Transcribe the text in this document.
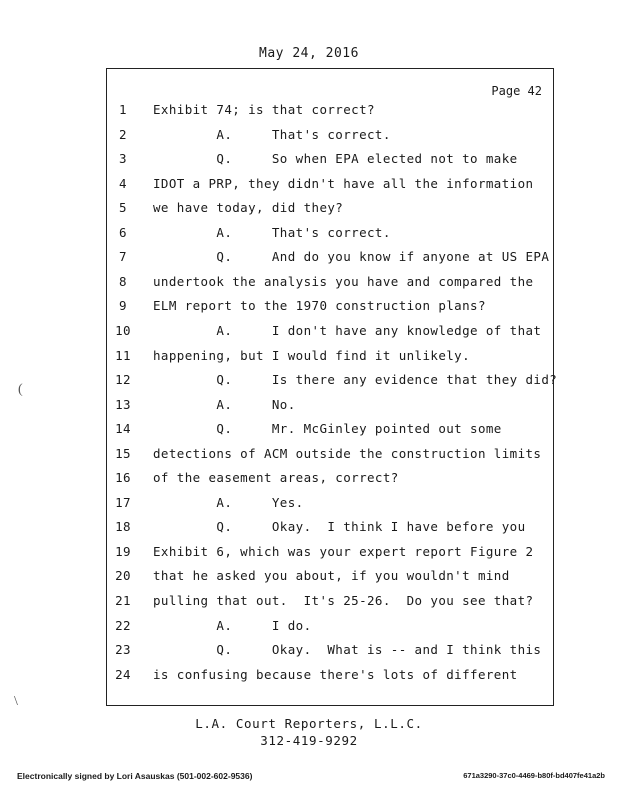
May 24, 2016
Page 42
1	Exhibit 74; is that correct?
2	A.     That's correct.
3	Q.     So when EPA elected not to make
4	IDOT a PRP, they didn't have all the information
5	we have today, did they?
6	A.     That's correct.
7	Q.     And do you know if anyone at US EPA
8	undertook the analysis you have and compared the
9	ELM report to the 1970 construction plans?
10	A.     I don't have any knowledge of that
11	happening, but I would find it unlikely.
12	Q.     Is there any evidence that they did?
13	A.     No.
14	Q.     Mr. McGinley pointed out some
15	detections of ACM outside the construction limits
16	of the easement areas, correct?
17	A.     Yes.
18	Q.     Okay.  I think I have before you
19	Exhibit 6, which was your expert report Figure 2
20	that he asked you about, if you wouldn't mind
21	pulling that out.  It's 25-26.  Do you see that?
22	A.     I do.
23	Q.     Okay.  What is -- and I think this
24	is confusing because there's lots of different
L.A. Court Reporters, L.L.C.
312-419-9292
Electronically signed by Lori Asauskas (501-002-602-9536)	671a3290-37c0-4469-b80f-bd407fe41a2b
(
\
